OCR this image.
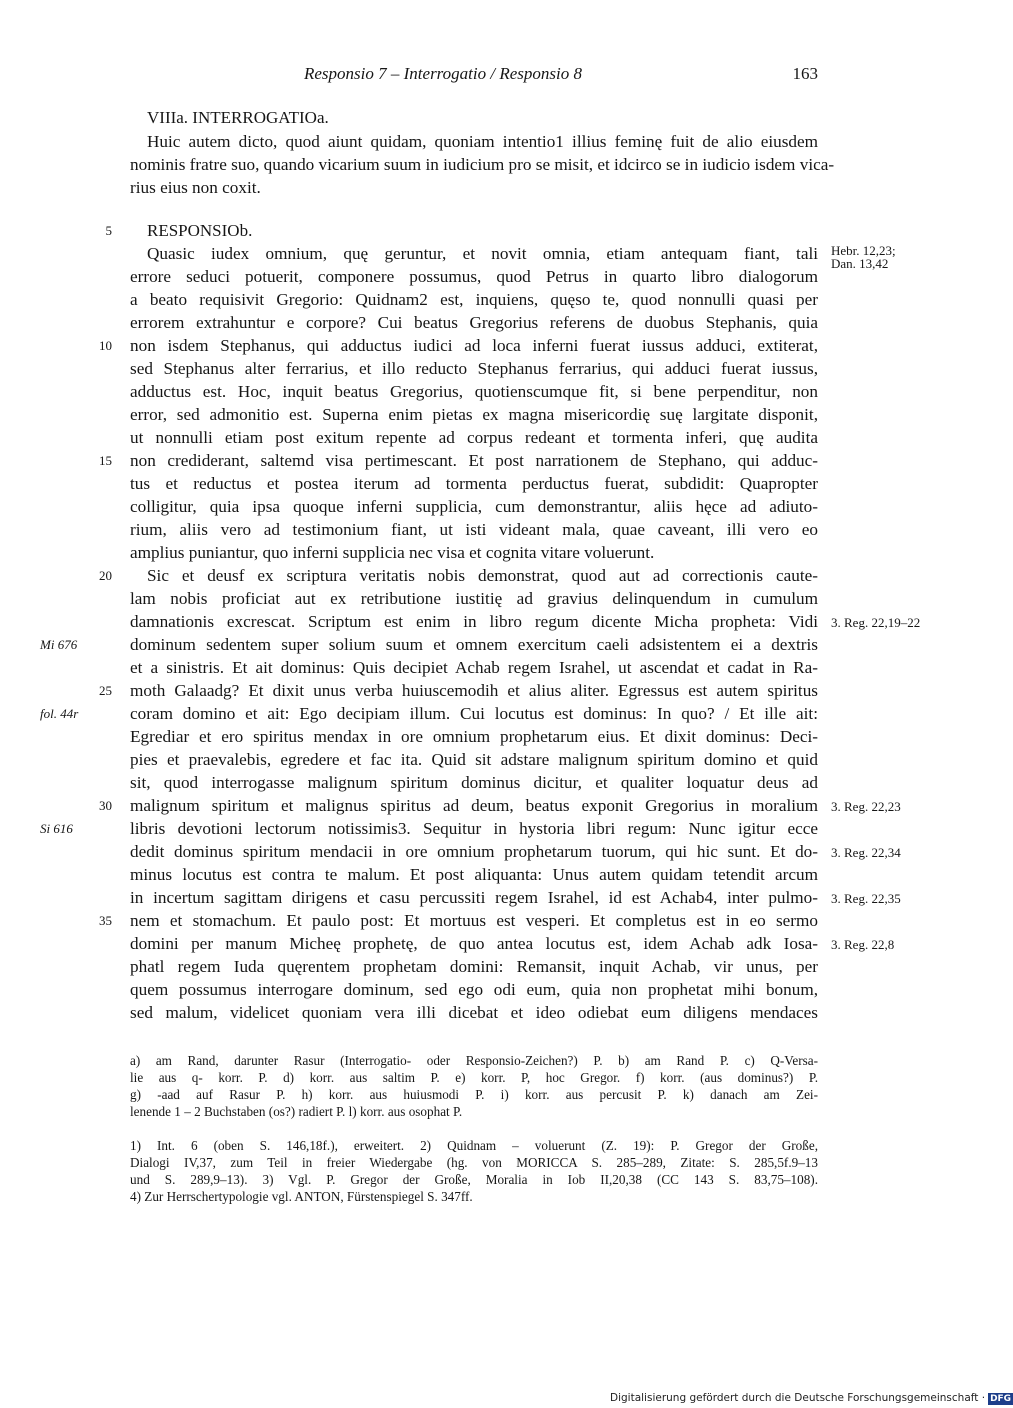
Responsio 7 – Interrogatio / Responsio 8	163
VIIIa. INTERROGATIOa.
Huic autem dicto, quod aiunt quidam, quoniam intentio1 illius feminę fuit de alio eiusdem
nominis fratre suo, quando vicarium suum in iudicium pro se misit, et idcirco se in iudicio isdem vica-
rius eius non coxit.
5 RESPONSIOb.
Quasic iudex omnium, quę geruntur, et novit omnia, etiam antequam fiant, tali
errore seduci potuerit, componere possumus, quod Petrus in quarto libro dialogorum
a beato requisivit Gregorio: Quidnam2 est, inquiens, quęso te, quod nonnulli quasi per
errorem extrahuntur e corpore? Cui beatus Gregorius referens de duobus Stephanis, quia
10 non isdem Stephanus, qui adductus iudici ad loca inferni fuerat iussus adduci, extiterat,
sed Stephanus alter ferrarius, et illo reducto Stephanus ferrarius, qui adduci fuerat iussus,
adductus est. Hoc, inquit beatus Gregorius, quotienscumque fit, si bene perpenditur, non
error, sed admonitio est. Superna enim pietas ex magna misericordię suę largitate disponit,
ut nonnulli etiam post exitum repente ad corpus redeant et tormenta inferi, quę audita
15 non crediderant, saltemd visa pertimescant. Et post narrationem de Stephano, qui adduc-
tus et reductus et postea iterum ad tormenta perductus fuerat, subdidit: Quapropter
colligitur, quia ipsa quoque inferni supplicia, cum demonstrantur, aliis hęce ad adiuto-
rium, aliis vero ad testimonium fiant, ut isti videant mala, quae caveant, illi vero eo
amplius puniantur, quo inferni supplicia nec visa et cognita vitare voluerunt.
20 Sic et deusf ex scriptura veritatis nobis demonstrat, quod aut ad correctionis caute-
lam nobis proficiat aut ex retributione iustitię ad gravius delinquendum in cumulum
damnationis excrescat. Scriptum est enim in libro regum dicente Micha propheta: Vidi
dominum sedentem super solium suum et omnem exercitum caeli adsistentem ei a dextris
et a sinistris. Et ait dominus: Quis decipiet Achab regem Israhel, ut ascendat et cadat in Ra-
25 moth Galaadg? Et dixit unus verba huiuscemodih et alius aliter. Egressus est autem spiritus
coram domino et ait: Ego decipiam illum. Cui locutus est dominus: In quo? / Et ille ait:
Egrediar et ero spiritus mendax in ore omnium prophetarum eius. Et dixit dominus: Deci-
pies et praevalebis, egredere et fac ita. Quid sit adstare malignum spiritum domino et quid
sit, quod interrogasse malignum spiritum dominus dicitur, et qualiter loquatur deus ad
30 malignum spiritum et malignus spiritus ad deum, beatus exponit Gregorius in moralium
libris devotioni lectorum notissimis3. Sequitur in hystoria libri regum: Nunc igitur ecce
dedit dominus spiritum mendacii in ore omnium prophetarum tuorum, qui hic sunt. Et do-
minus locutus est contra te malum. Et post aliquanta: Unus autem quidam tetendit arcum
in incertum sagittam dirigens et casu percussiti regem Israhel, id est Achab4, inter pulmo-
35 nem et stomachum. Et paulo post: Et mortuus est vesperi. Et completus est in eo sermo
domini per manum Micheę prophetę, de quo antea locutus est, idem Achab adk Iosa-
phatl regem Iuda quęrentem prophetam domini: Remansit, inquit Achab, vir unus, per
quem possumus interrogare dominum, sed ego odi eum, quia non prophetat mihi bonum,
sed malum, videlicet quoniam vera illi dicebat et ideo odiebat eum diligens mendaces
Mi 676
fol. 44r
Si 616
Hebr. 12,23;
Dan. 13,42
3. Reg. 22,19–22
3. Reg. 22,23
3. Reg. 22,34
3. Reg. 22,35
3. Reg. 22,8
a) am Rand, darunter Rasur (Interrogatio- oder Responsio-Zeichen?) P. b) am Rand P. c) Q-Versa-
lie aus q- korr. P. d) korr. aus saltim P. e) korr. P, hoc Gregor. f) korr. (aus dominus?) P.
g) -aad auf Rasur P. h) korr. aus huiusmodi P. i) korr. aus percusit P. k) danach am Zei-
lenende 1 – 2 Buchstaben (os?) radiert P. l) korr. aus osophat P.
1) Int. 6 (oben S. 146,18f.), erweitert. 2) Quidnam – voluerunt (Z. 19): P. Gregor der Große,
Dialogi IV,37, zum Teil in freier Wiedergabe (hg. von MORICCA S. 285–289, Zitate: S. 285,5f.9–13
und S. 289,9–13). 3) Vgl. P. Gregor der Große, Moralia in Iob II,20,38 (CC 143 S. 83,75–108).
4) Zur Herrschertypologie vgl. ANTON, Fürstenspiegel S. 347ff.
Digitalisierung gefördert durch die Deutsche Forschungsgemeinschaft · DFG
